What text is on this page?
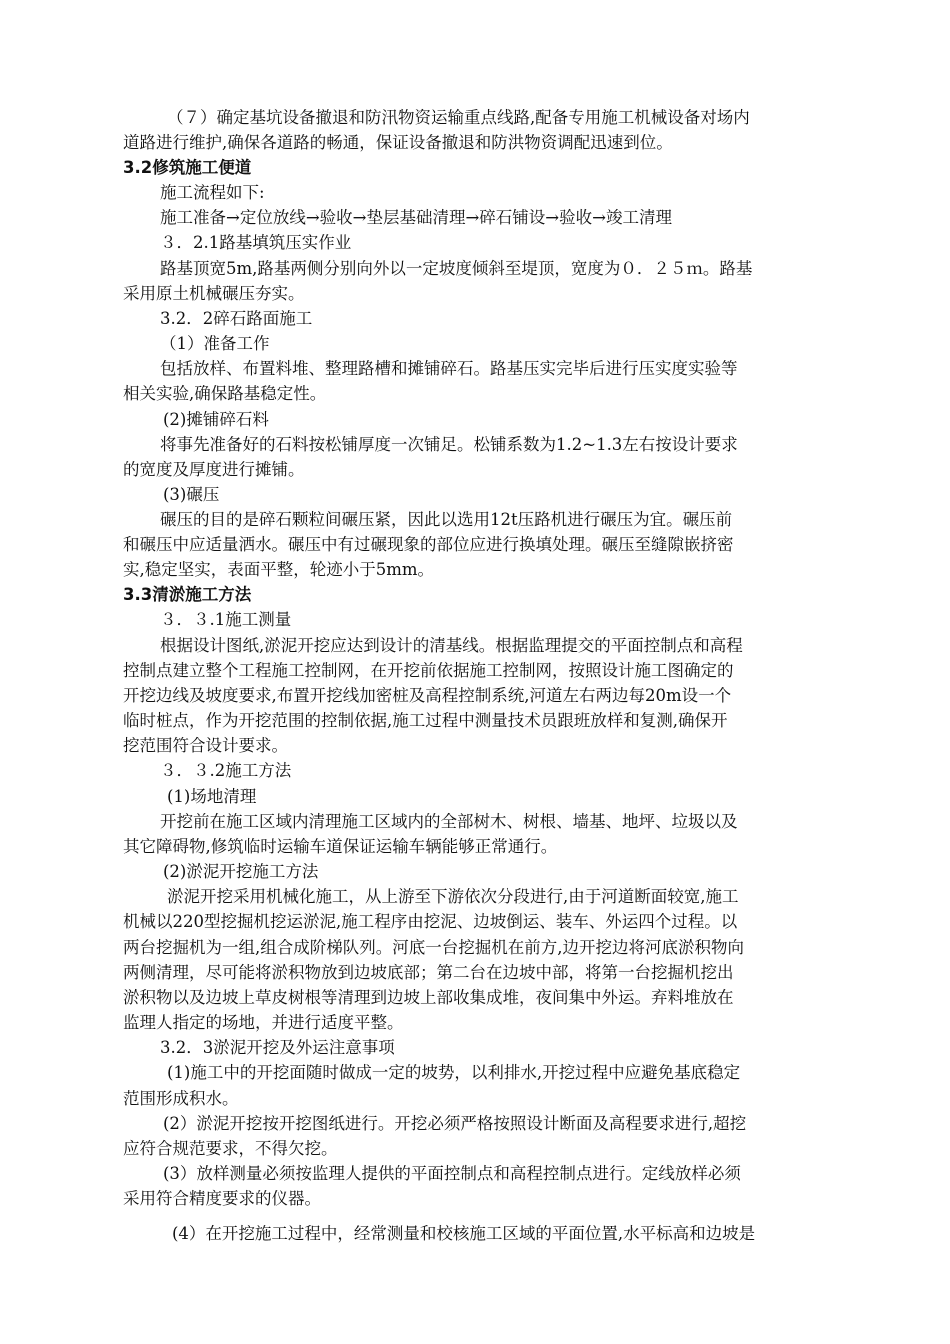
（７）确定基坑设备撤退和防汛物资运输重点线路,配备专用施工机械设备对场内
道路进行维护,确保各道路的畅通，保证设备撤退和防洪物资调配迅速到位。
3.2修筑施工便道
施工流程如下:
施工准备→定位放线→验收→垫层基础清理→碎石铺设→验收→竣工清理
３．2.1路基填筑压实作业
路基顶宽5m,路基两侧分别向外以一定坡度倾斜至堤顶，宽度为０．２５ｍ。路基
采用原土机械碾压夯实。
3.2．2碎石路面施工
（1）准备工作
包括放样、布置料堆、整理路槽和摊铺碎石。路基压实完毕后进行压实度实验等
相关实验,确保路基稳定性。
(2)摊铺碎石料
将事先准备好的石料按松铺厚度一次铺足。松铺系数为1.2~1.3左右按设计要求
的宽度及厚度进行摊铺。
(3)碾压
碾压的目的是碎石颗粒间碾压紧，因此以选用12t压路机进行碾压为宜。碾压前
和碾压中应适量洒水。碾压中有过碾现象的部位应进行换填处理。碾压至缝隙嵌挤密
实,稳定坚实，表面平整，轮迹小于5mm。
3.3清淤施工方法
３．３.1施工测量
根据设计图纸,淤泥开挖应达到设计的清基线。根据监理提交的平面控制点和高程
控制点建立整个工程施工控制网，在开挖前依据施工控制网，按照设计施工图确定的
开挖边线及坡度要求,布置开挖线加密桩及高程控制系统,河道左右两边每20m设一个
临时桩点，作为开挖范围的控制依据,施工过程中测量技术员跟班放样和复测,确保开
挖范围符合设计要求。
３．３.2施工方法
(1)场地清理
开挖前在施工区域内清理施工区域内的全部树木、树根、墙基、地坪、垃圾以及
其它障碍物,修筑临时运输车道保证运输车辆能够正常通行。
(2)淤泥开挖施工方法
淤泥开挖采用机械化施工，从上游至下游依次分段进行,由于河道断面较宽,施工
机械以220型挖掘机挖运淤泥,施工程序由挖泥、边坡倒运、装车、外运四个过程。以
两台挖掘机为一组,组合成阶梯队列。河底一台挖掘机在前方,边开挖边将河底淤积物向
两侧清理，尽可能将淤积物放到边坡底部；第二台在边坡中部，将第一台挖掘机挖出
淤积物以及边坡上草皮树根等清理到边坡上部收集成堆，夜间集中外运。弃料堆放在
监理人指定的场地，并进行适度平整。
3.2．3淤泥开挖及外运注意事项
(1)施工中的开挖面随时做成一定的坡势，以利排水,开挖过程中应避免基底稳定
范围形成积水。
(2）淤泥开挖按开挖图纸进行。开挖必须严格按照设计断面及高程要求进行,超挖
应符合规范要求，不得欠挖。
(3）放样测量必须按监理人提供的平面控制点和高程控制点进行。定线放样必须
采用符合精度要求的仪器。
(4）在开挖施工过程中，经常测量和校核施工区域的平面位置,水平标高和边坡是
